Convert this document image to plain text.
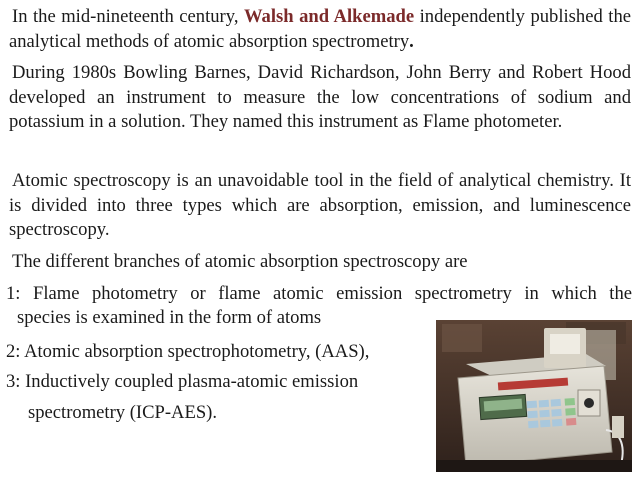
In the mid-nineteenth century, Walsh and Alkemade independently published the analytical methods of atomic absorption spectrometry.
During 1980s Bowling Barnes, David Richardson, John Berry and Robert Hood developed an instrument to measure the low concentrations of sodium and potassium in a solution. They named this instrument as Flame photometer.
Atomic spectroscopy is an unavoidable tool in the field of analytical chemistry. It is divided into three types which are absorption, emission, and luminescence spectroscopy.
The different branches of atomic absorption spectroscopy are
1: Flame photometry or flame atomic emission spectrometry in which the
species is examined in the form of atoms
2: Atomic absorption spectrophotometry, (AAS),
3: Inductively coupled plasma-atomic emission
spectrometry (ICP-AES).
